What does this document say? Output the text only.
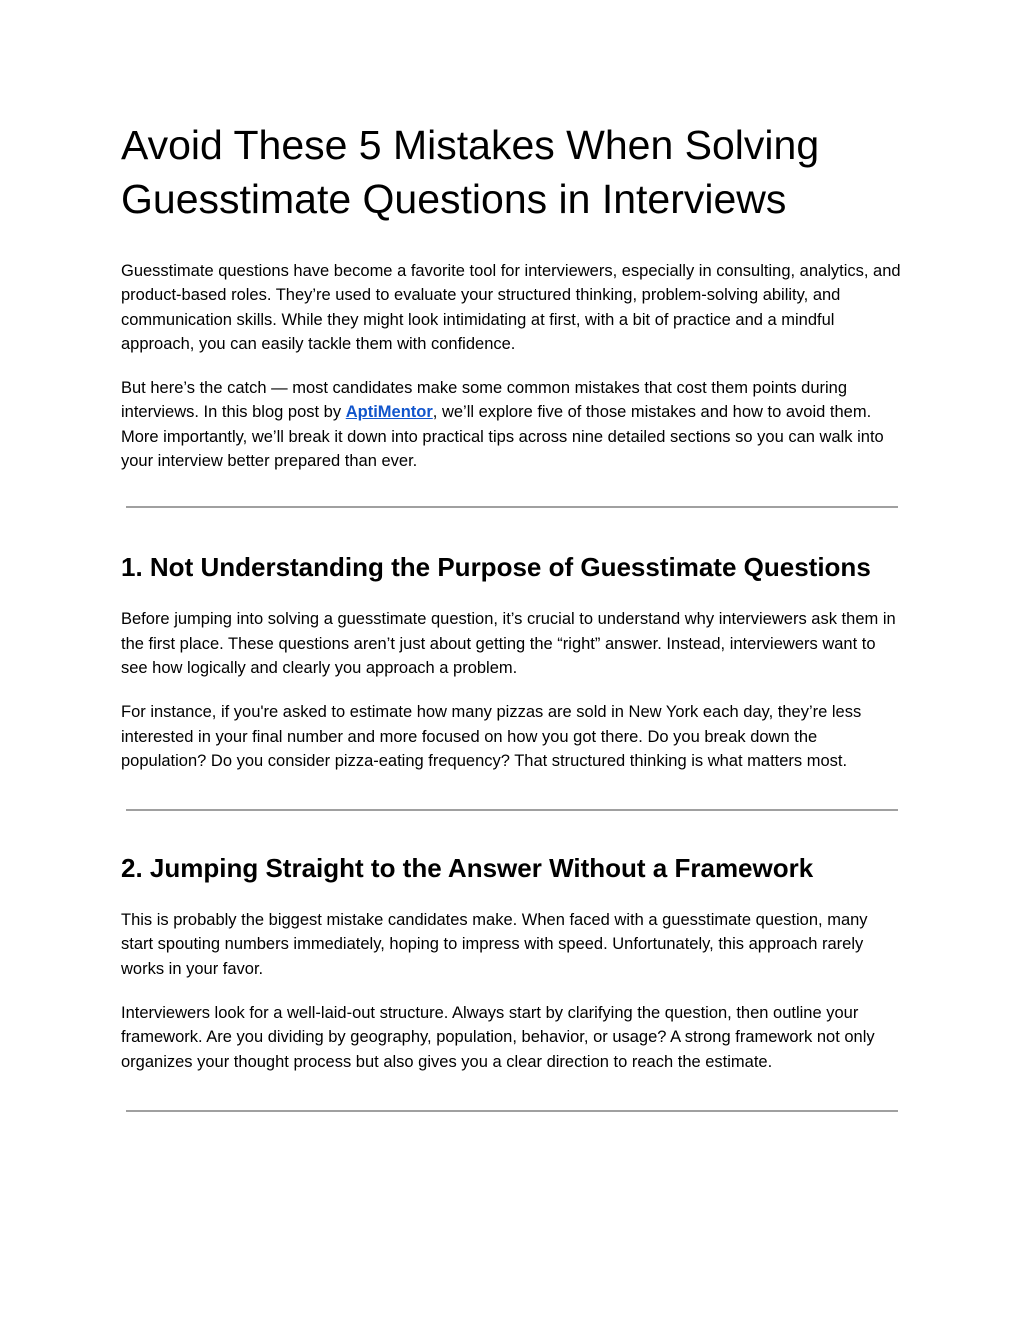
Avoid These 5 Mistakes When Solving Guesstimate Questions in Interviews

Guesstimate questions have become a favorite tool for interviewers, especially in consulting, analytics, and product-based roles. They’re used to evaluate your structured thinking, problem-solving ability, and communication skills. While they might look intimidating at first, with a bit of practice and a mindful approach, you can easily tackle them with confidence.

But here’s the catch — most candidates make some common mistakes that cost them points during interviews. In this blog post by AptiMentor, we’ll explore five of those mistakes and how to avoid them. More importantly, we’ll break it down into practical tips across nine detailed sections so you can walk into your interview better prepared than ever.

1. Not Understanding the Purpose of Guesstimate Questions

Before jumping into solving a guesstimate question, it’s crucial to understand why interviewers ask them in the first place. These questions aren’t just about getting the “right” answer. Instead, interviewers want to see how logically and clearly you approach a problem.

For instance, if you're asked to estimate how many pizzas are sold in New York each day, they’re less interested in your final number and more focused on how you got there. Do you break down the population? Do you consider pizza-eating frequency? That structured thinking is what matters most.

2. Jumping Straight to the Answer Without a Framework

This is probably the biggest mistake candidates make. When faced with a guesstimate question, many start spouting numbers immediately, hoping to impress with speed. Unfortunately, this approach rarely works in your favor.

Interviewers look for a well-laid-out structure. Always start by clarifying the question, then outline your framework. Are you dividing by geography, population, behavior, or usage? A strong framework not only organizes your thought process but also gives you a clear direction to reach the estimate.
